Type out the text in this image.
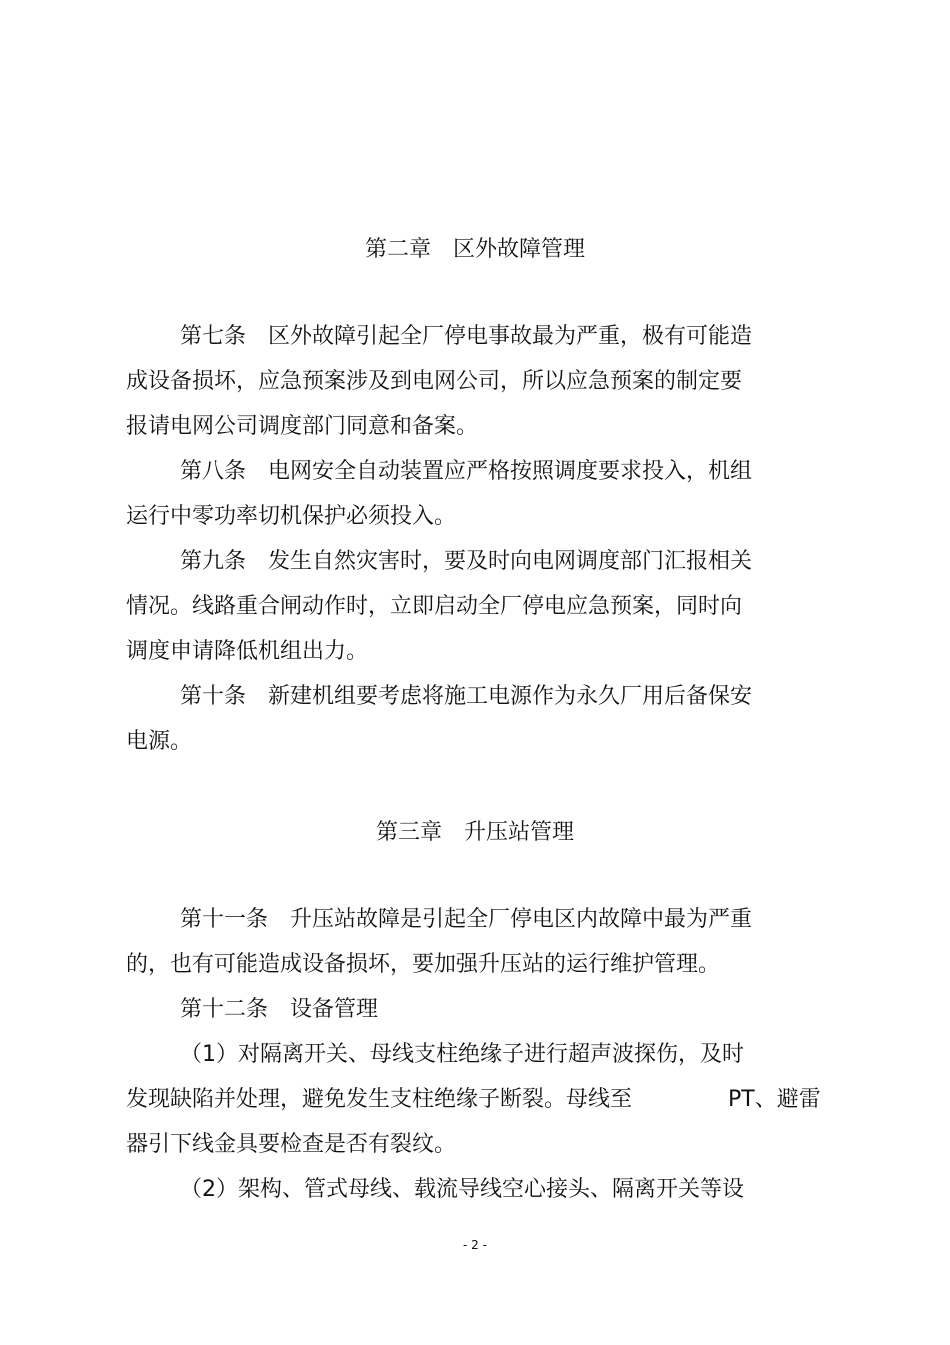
第二章　区外故障管理
第七条　区外故障引起全厂停电事故最为严重，极有可能造
成设备损坏，应急预案涉及到电网公司，所以应急预案的制定要
报请电网公司调度部门同意和备案。
第八条　电网安全自动装置应严格按照调度要求投入，机组
运行中零功率切机保护必须投入。
第九条　发生自然灾害时，要及时向电网调度部门汇报相关
情况。线路重合闸动作时，立即启动全厂停电应急预案，同时向
调度申请降低机组出力。
第十条　新建机组要考虑将施工电源作为永久厂用后备保安
电源。
第三章　升压站管理
第十一条　升压站故障是引起全厂停电区内故障中最为严重
的，也有可能造成设备损坏，要加强升压站的运行维护管理。
第十二条　设备管理
（1）对隔离开关、母线支柱绝缘子进行超声波探伤，及时
发现缺陷并处理，避免发生支柱绝缘子断裂。母线至	PT、避雷
器引下线金具要检查是否有裂纹。
（2）架构、管式母线、载流导线空心接头、隔离开关等设
- 2 -
